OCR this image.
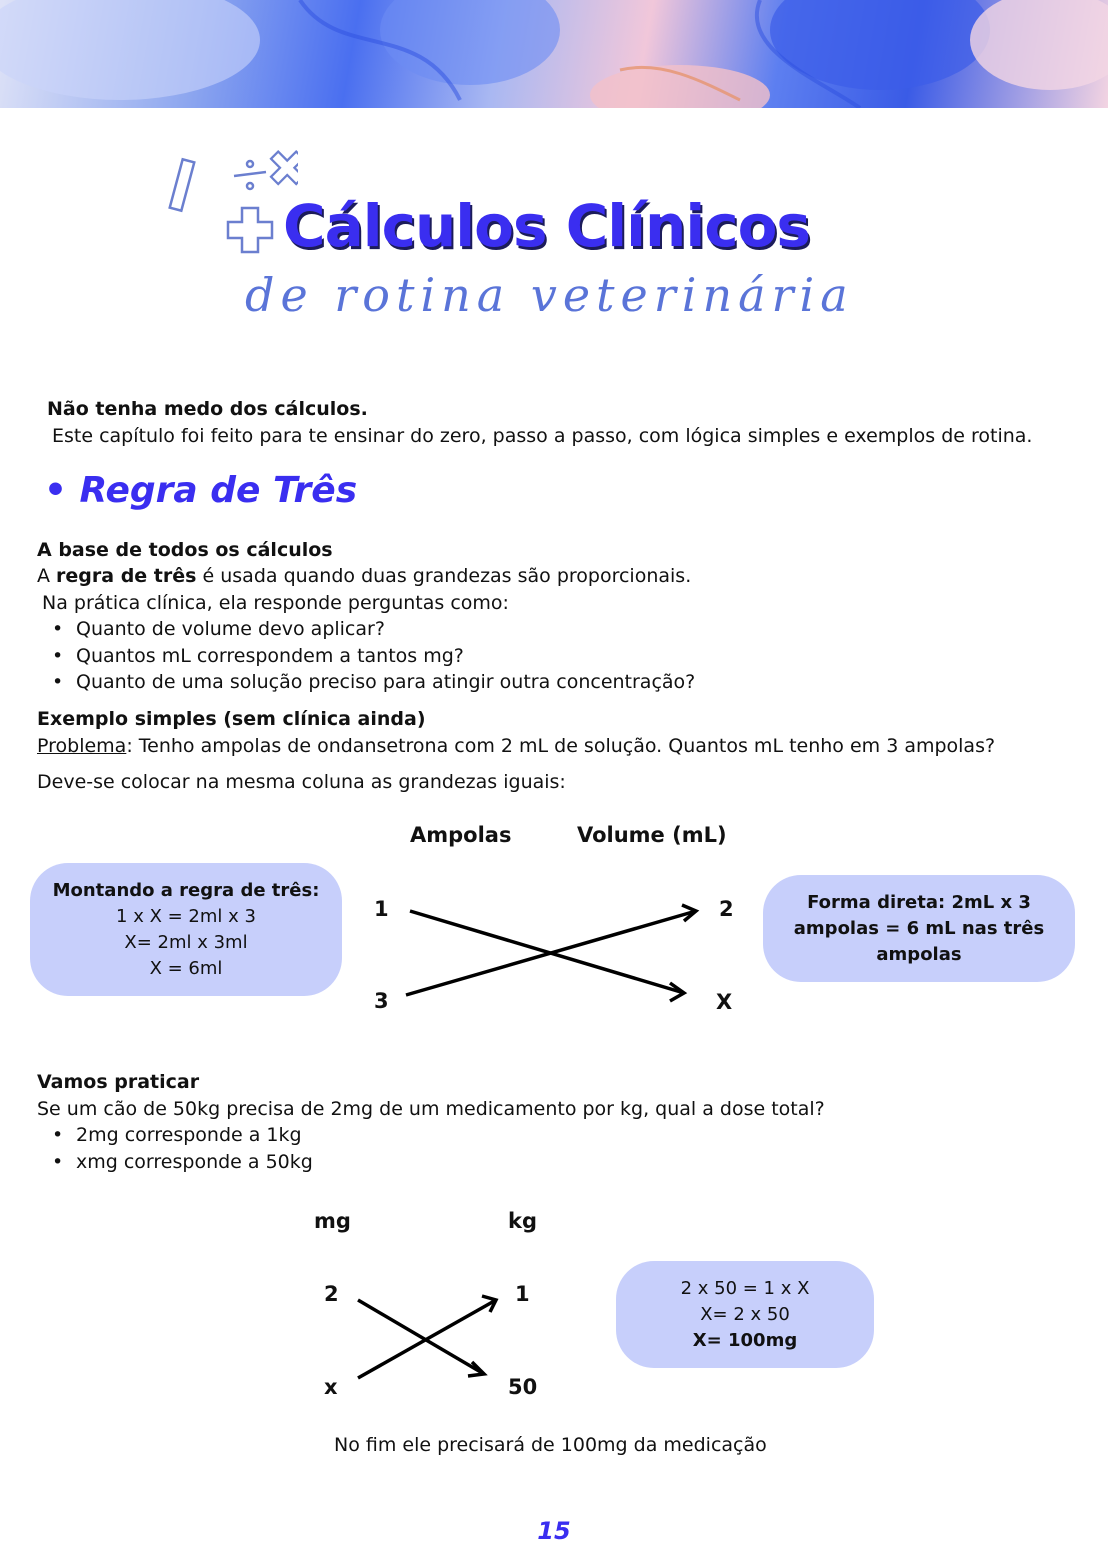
Cálculos Clínicos
de rotina veterinária
Não tenha medo dos cálculos.
Este capítulo foi feito para te ensinar do zero, passo a passo, com lógica simples e exemplos de rotina.
• Regra de Três
A base de todos os cálculos
A regra de três é usada quando duas grandezas são proporcionais.
Na prática clínica, ela responde perguntas como:
• Quanto de volume devo aplicar?
• Quantos mL correspondem a tantos mg?
• Quanto de uma solução preciso para atingir outra concentração?
Exemplo simples (sem clínica ainda)
Problema: Tenho ampolas de ondansetrona com 2 mL de solução. Quantos mL tenho em 3 ampolas?
Deve-se colocar na mesma coluna as grandezas iguais:
Ampolas	Volume (mL)
1
3
2
X
Montando a regra de três:
1 x X = 2ml x 3
X= 2ml x 3ml
X = 6ml
Forma direta: 2mL x 3 ampolas = 6 mL nas três ampolas
Vamos praticar
Se um cão de 50kg precisa de 2mg de um medicamento por kg, qual a dose total?
• 2mg corresponde a 1kg
• xmg corresponde a 50kg
mg	kg
2
x
1
50
2 x 50 = 1 x X
X= 2 x 50
X= 100mg
No fim ele precisará de 100mg da medicação
15
